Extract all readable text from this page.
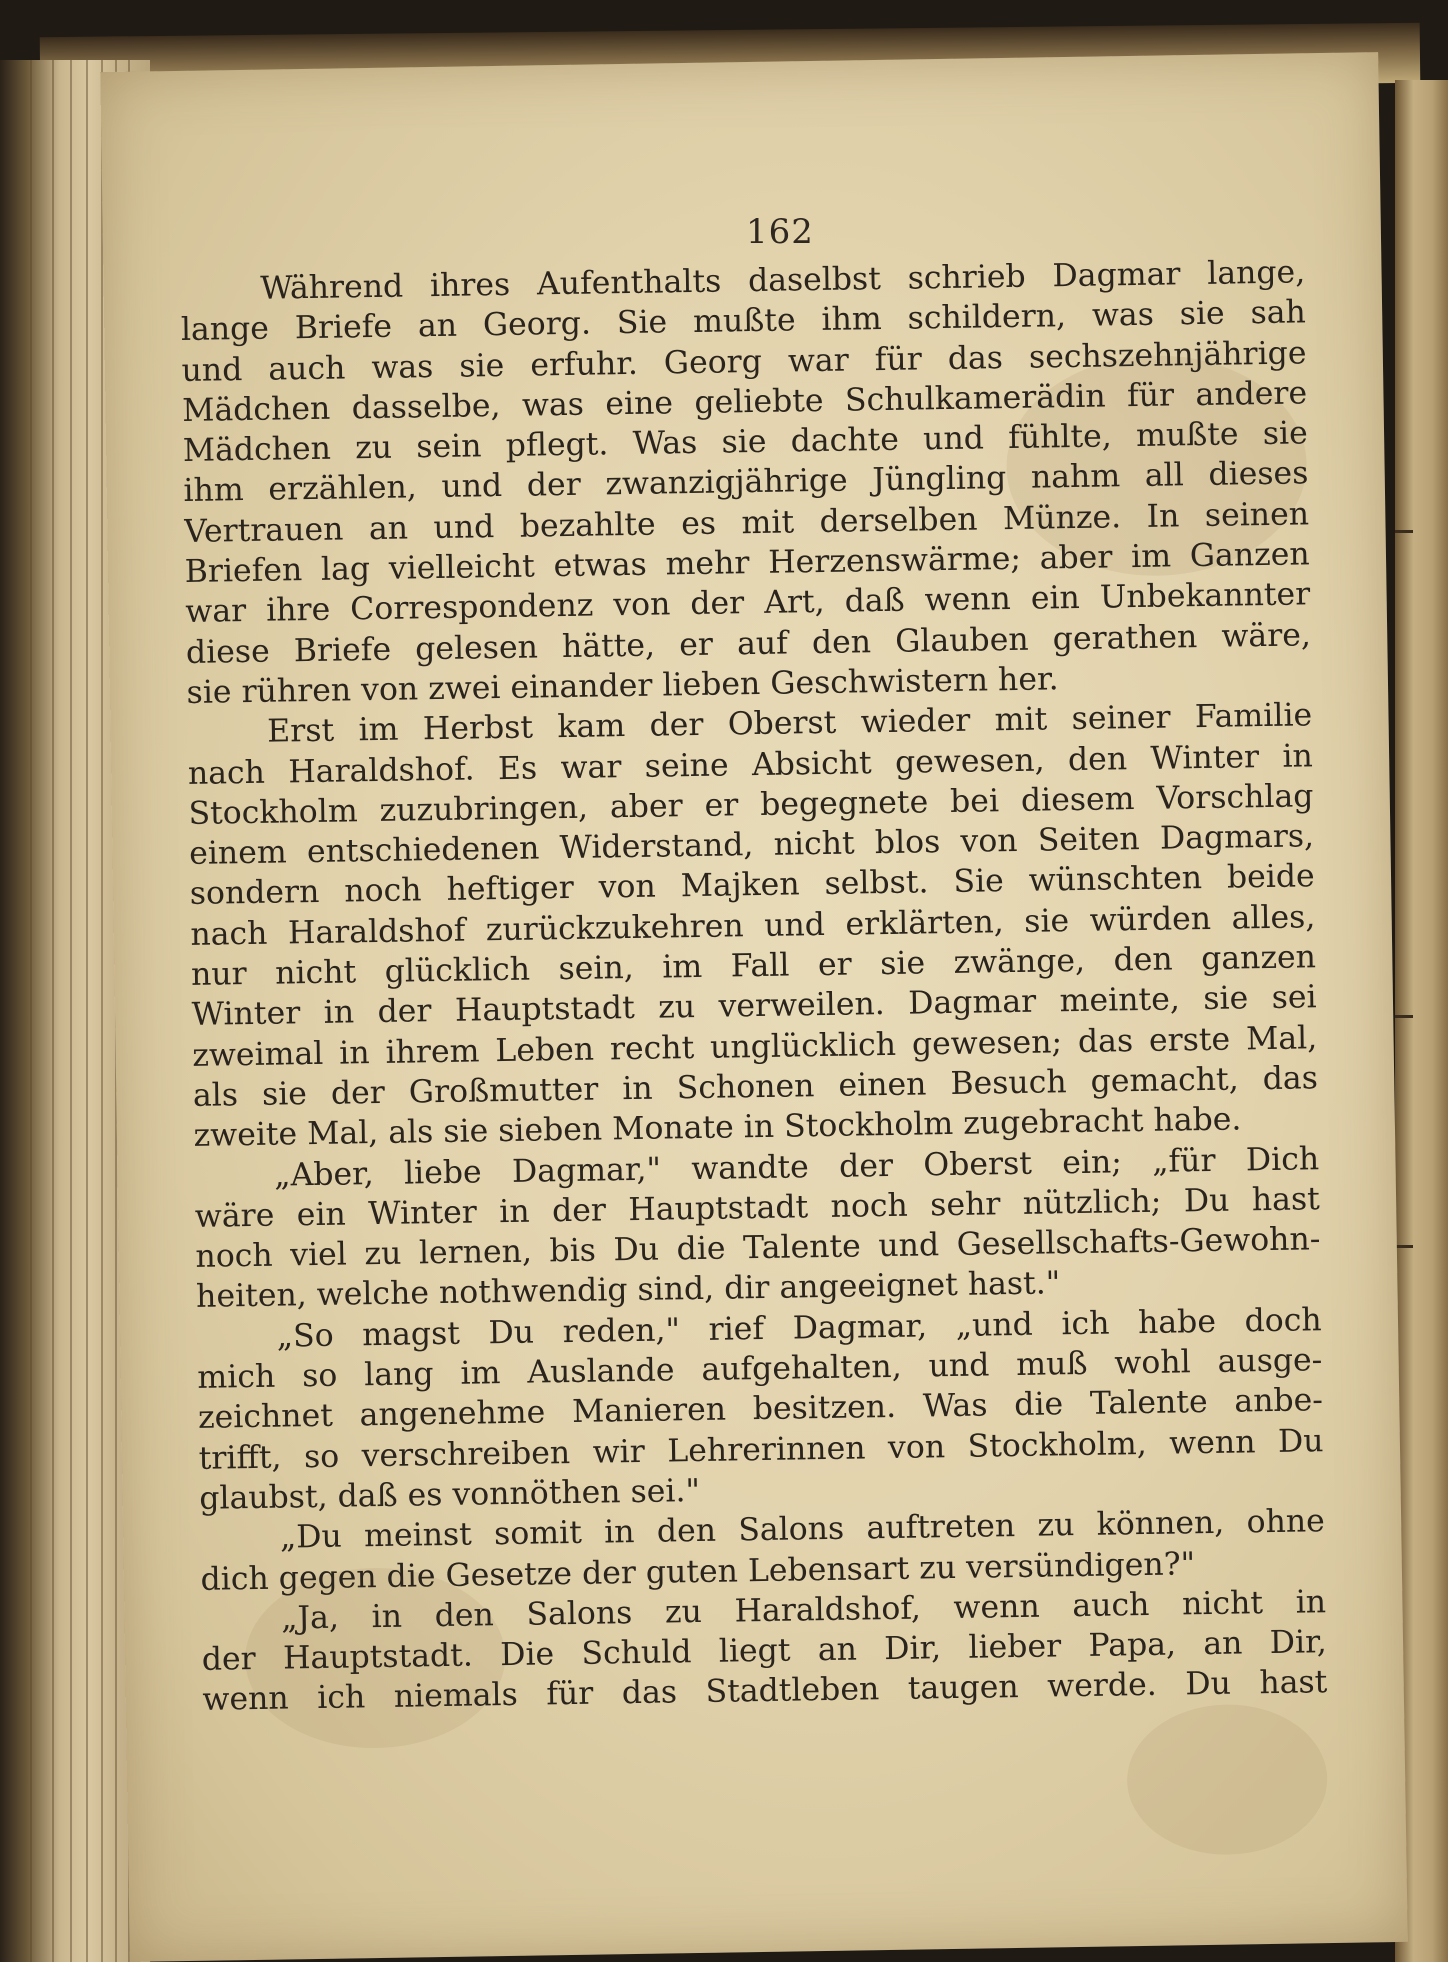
162
Während ihres Aufenthalts daselbst schrieb Dagmar lange,
lange Briefe an Georg. Sie mußte ihm schildern, was sie sah
und auch was sie erfuhr. Georg war für das sechszehnjährige
Mädchen dasselbe, was eine geliebte Schulkamerädin für andere
Mädchen zu sein pflegt. Was sie dachte und fühlte, mußte sie
ihm erzählen, und der zwanzigjährige Jüngling nahm all dieses
Vertrauen an und bezahlte es mit derselben Münze. In seinen
Briefen lag vielleicht etwas mehr Herzenswärme; aber im Ganzen
war ihre Correspondenz von der Art, daß wenn ein Unbekannter
diese Briefe gelesen hätte, er auf den Glauben gerathen wäre,
sie rühren von zwei einander lieben Geschwistern her.
Erst im Herbst kam der Oberst wieder mit seiner Familie
nach Haraldshof. Es war seine Absicht gewesen, den Winter in
Stockholm zuzubringen, aber er begegnete bei diesem Vorschlag
einem entschiedenen Widerstand, nicht blos von Seiten Dagmars,
sondern noch heftiger von Majken selbst. Sie wünschten beide
nach Haraldshof zurückzukehren und erklärten, sie würden alles,
nur nicht glücklich sein, im Fall er sie zwänge, den ganzen
Winter in der Hauptstadt zu verweilen. Dagmar meinte, sie sei
zweimal in ihrem Leben recht unglücklich gewesen; das erste Mal,
als sie der Großmutter in Schonen einen Besuch gemacht, das
zweite Mal, als sie sieben Monate in Stockholm zugebracht habe.
„Aber, liebe Dagmar," wandte der Oberst ein; „für Dich
wäre ein Winter in der Hauptstadt noch sehr nützlich; Du hast
noch viel zu lernen, bis Du die Talente und Gesellschafts-Gewohn-
heiten, welche nothwendig sind, dir angeeignet hast."
„So magst Du reden," rief Dagmar, „und ich habe doch
mich so lang im Auslande aufgehalten, und muß wohl ausge-
zeichnet angenehme Manieren besitzen. Was die Talente anbe-
trifft, so verschreiben wir Lehrerinnen von Stockholm, wenn Du
glaubst, daß es vonnöthen sei."
„Du meinst somit in den Salons auftreten zu können, ohne
dich gegen die Gesetze der guten Lebensart zu versündigen?"
„Ja, in den Salons zu Haraldshof, wenn auch nicht in
der Hauptstadt. Die Schuld liegt an Dir, lieber Papa, an Dir,
wenn ich niemals für das Stadtleben taugen werde. Du hast
